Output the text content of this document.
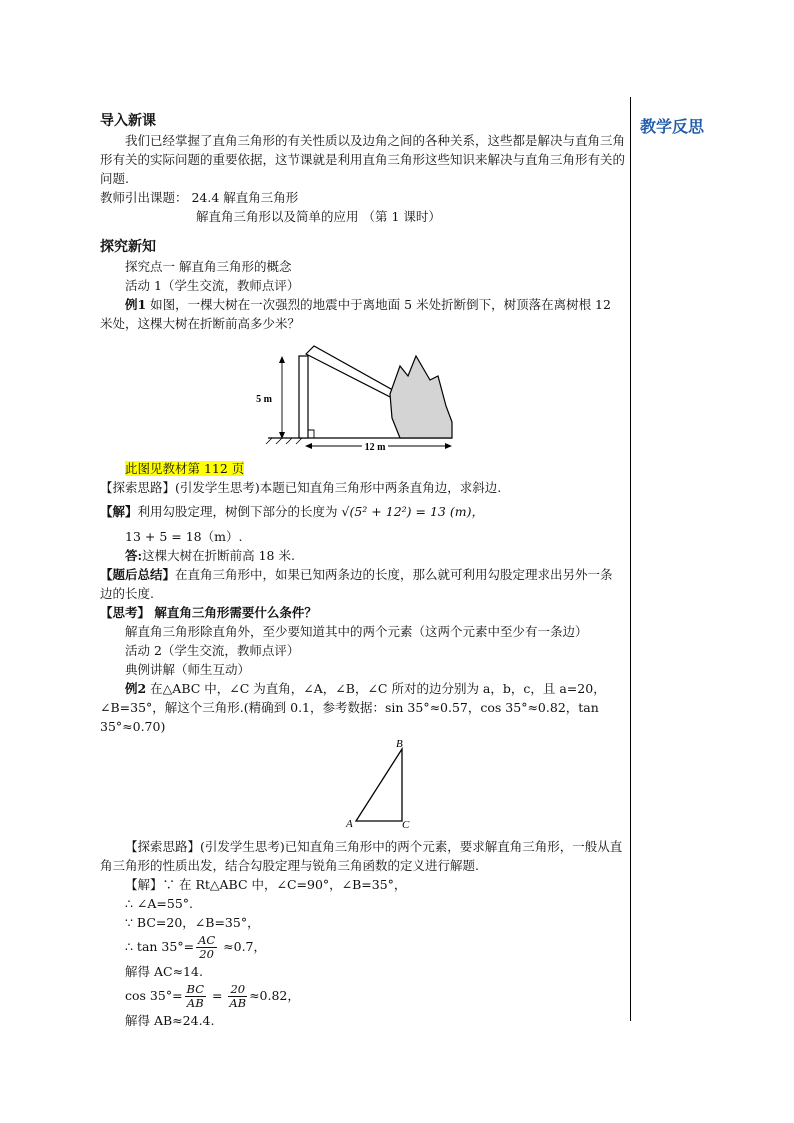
教学反思

导入新课

我们已经掌握了直角三角形的有关性质以及边角之间的各种关系，这些都是解决与直角三角形有关的实际问题的重要依据，这节课就是利用直角三角形这些知识来解决与直角三角形有关的问题.

教师引出课题： 24.4 解直角三角形

解直角三角形以及简单的应用 （第 1 课时）

探究新知

探究点一 解直角三角形的概念

活动 1（学生交流，教师点评）

例1 如图，一棵大树在一次强烈的地震中于离地面 5 米处折断倒下，树顶落在离树根 12 米处，这棵大树在折断前高多少米？

5 m
12 m

此图见教材第 112 页

【探索思路】(引发学生思考)本题已知直角三角形中两条直角边，求斜边.

【解】利用勾股定理，树倒下部分的长度为 √(5² + 12²) = 13 (m)，

13 + 5 = 18（m）.

答:这棵大树在折断前高 18 米.

【题后总结】在直角三角形中，如果已知两条边的长度，那么就可利用勾股定理求出另外一条边的长度.

【思考】 解直角三角形需要什么条件？

解直角三角形除直角外，至少要知道其中的两个元素（这两个元素中至少有一条边）

活动 2（学生交流，教师点评）

典例讲解（师生互动）

例2 在△ABC 中，∠C 为直角，∠A，∠B，∠C 所对的边分别为 a，b，c，且 a=20，∠B=35°，解这个三角形.(精确到 0.1，参考数据：sin 35°≈0.57，cos 35°≈0.82，tan 35°≈0.70)

A
B
C

【探索思路】(引发学生思考)已知直角三角形中的两个元素，要求解直角三角形，一般从直角三角形的性质出发，结合勾股定理与锐角三角函数的定义进行解题.

【解】∵ 在 Rt△ABC 中，∠C=90°，∠B=35°，

∴ ∠A=55°.

∵ BC=20，∠B=35°，

∴ $\tan 35^\circ= \frac{AC}{20} \approx 0.7$，

解得 AC≈14.

$\cos 35^\circ= \frac{BC}{AB} = \frac{20}{AB} \approx 0.82$，

解得 AB≈24.4.
